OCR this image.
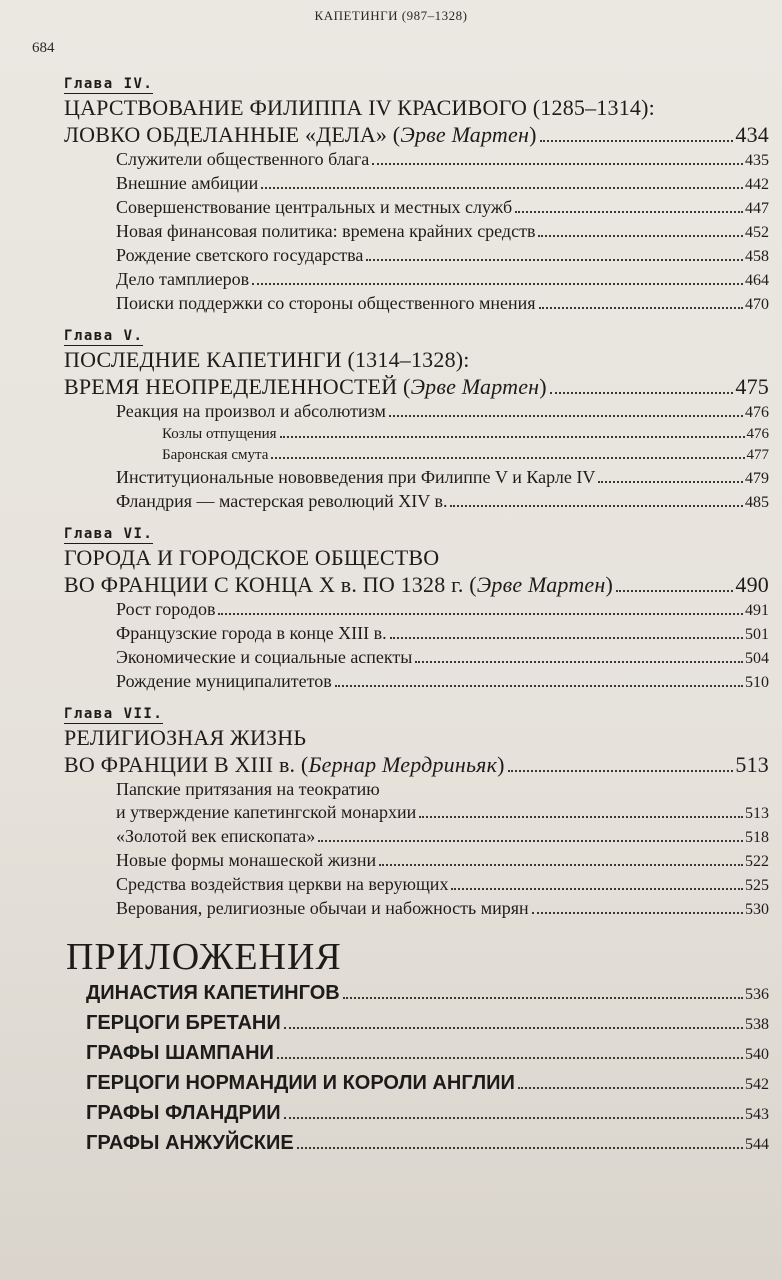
КАПЕТИНГИ (987–1328)
684
Глава IV.
ЦАРСТВОВАНИЕ ФИЛИППА IV КРАСИВОГО (1285–1314):
ЛОВКО ОБДЕЛАННЫЕ «ДЕЛА» (Эрве Мартен)	434
Служители общественного блага	435
Внешние амбиции	442
Совершенствование центральных и местных служб	447
Новая финансовая политика: времена крайних средств	452
Рождение светского государства	458
Дело тамплиеров	464
Поиски поддержки со стороны общественного мнения	470
Глава V.
ПОСЛЕДНИЕ КАПЕТИНГИ (1314–1328):
ВРЕМЯ НЕОПРЕДЕЛЕННОСТЕЙ (Эрве Мартен)	475
Реакция на произвол и абсолютизм	476
Козлы отпущения	476
Баронская смута	477
Институциональные нововведения при Филиппе V и Карле IV	479
Фландрия — мастерская революций XIV в.	485
Глава VI.
ГОРОДА И ГОРОДСКОЕ ОБЩЕСТВО
ВО ФРАНЦИИ С КОНЦА X в. ПО 1328 г. (Эрве Мартен)	490
Рост городов	491
Французские города в конце XIII в.	501
Экономические и социальные аспекты	504
Рождение муниципалитетов	510
Глава VII.
РЕЛИГИОЗНАЯ ЖИЗНЬ
ВО ФРАНЦИИ В XIII в. (Бернар Мердриньяк)	513
Папские притязания на теократию
и утверждение капетингской монархии	513
«Золотой век епископата»	518
Новые формы монашеской жизни	522
Средства воздействия церкви на верующих	525
Верования, религиозные обычаи и набожность мирян	530
ПРИЛОЖЕНИЯ
ДИНАСТИЯ КАПЕТИНГОВ	536
ГЕРЦОГИ БРЕТАНИ	538
ГРАФЫ ШАМПАНИ	540
ГЕРЦОГИ НОРМАНДИИ И КОРОЛИ АНГЛИИ	542
ГРАФЫ ФЛАНДРИИ	543
ГРАФЫ АНЖУЙСКИЕ	544
